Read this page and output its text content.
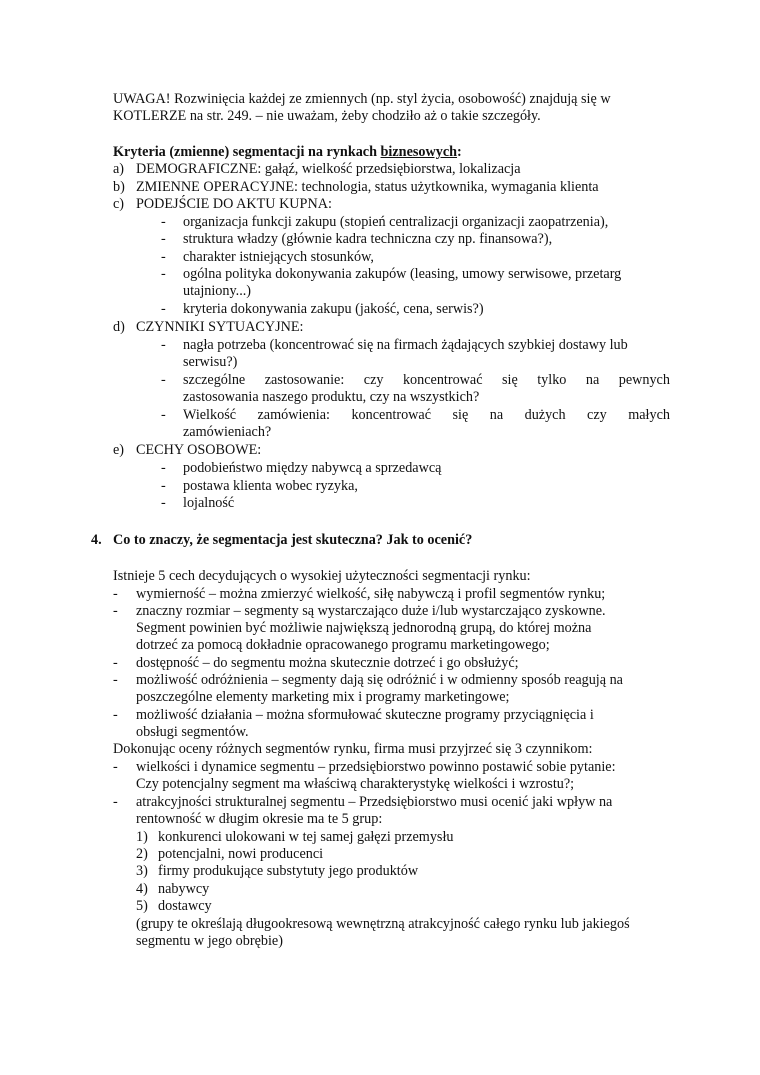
UWAGA! Rozwinięcia każdej ze zmiennych (np. styl życia, osobowość) znajdują się w
KOTLERZE na str. 249. – nie uważam, żeby chodziło aż o takie szczegóły.
Kryteria (zmienne) segmentacji na rynkach biznesowych:
a) DEMOGRAFICZNE: gałąź, wielkość przedsiębiorstwa, lokalizacja
b) ZMIENNE OPERACYJNE: technologia, status użytkownika, wymagania klienta
c) PODEJŚCIE DO AKTU KUPNA:
- organizacja funkcji zakupu (stopień centralizacji organizacji zaopatrzenia),
- struktura władzy (głównie kadra techniczna czy np. finansowa?),
- charakter istniejących stosunków,
- ogólna polityka dokonywania zakupów (leasing, umowy serwisowe, przetarg
utajniony...)
- kryteria dokonywania zakupu (jakość, cena, serwis?)
d) CZYNNIKI SYTUACYJNE:
- nagła potrzeba (koncentrować się na firmach żądających szybkiej dostawy lub
serwisu?)
- szczególne zastosowanie: czy koncentrować się tylko na pewnych
zastosowania naszego produktu, czy na wszystkich?
- Wielkość zamówienia: koncentrować się na dużych czy małych
zamówieniach?
e) CECHY OSOBOWE:
- podobieństwo między nabywcą a sprzedawcą
- postawa klienta wobec ryzyka,
- lojalność
4. Co to znaczy, że segmentacja jest skuteczna? Jak to ocenić?
Istnieje 5 cech decydujących o wysokiej użyteczności segmentacji rynku:
- wymierność – można zmierzyć wielkość, siłę nabywczą i profil segmentów rynku;
- znaczny rozmiar – segmenty są wystarczająco duże i/lub wystarczająco zyskowne.
Segment powinien być możliwie największą jednorodną grupą, do której można
dotrzeć za pomocą dokładnie opracowanego programu marketingowego;
- dostępność – do segmentu można skutecznie dotrzeć i go obsłużyć;
- możliwość odróżnienia – segmenty dają się odróżnić i w odmienny sposób reagują na
poszczególne elementy marketing mix i programy marketingowe;
- możliwość działania – można sformułować skuteczne programy przyciągnięcia i
obsługi segmentów.
Dokonując oceny różnych segmentów rynku, firma musi przyjrzeć się 3 czynnikom:
- wielkości i dynamice segmentu – przedsiębiorstwo powinno postawić sobie pytanie:
Czy potencjalny segment ma właściwą charakterystykę wielkości i wzrostu?;
- atrakcyjności strukturalnej segmentu – Przedsiębiorstwo musi ocenić jaki wpływ na
rentowność w długim okresie ma te 5 grup:
1) konkurenci ulokowani w tej samej gałęzi przemysłu
2) potencjalni, nowi producenci
3) firmy produkujące substytuty jego produktów
4) nabywcy
5) dostawcy
(grupy te określają długookresową wewnętrzną atrakcyjność całego rynku lub jakiegoś
segmentu w jego obrębie)
